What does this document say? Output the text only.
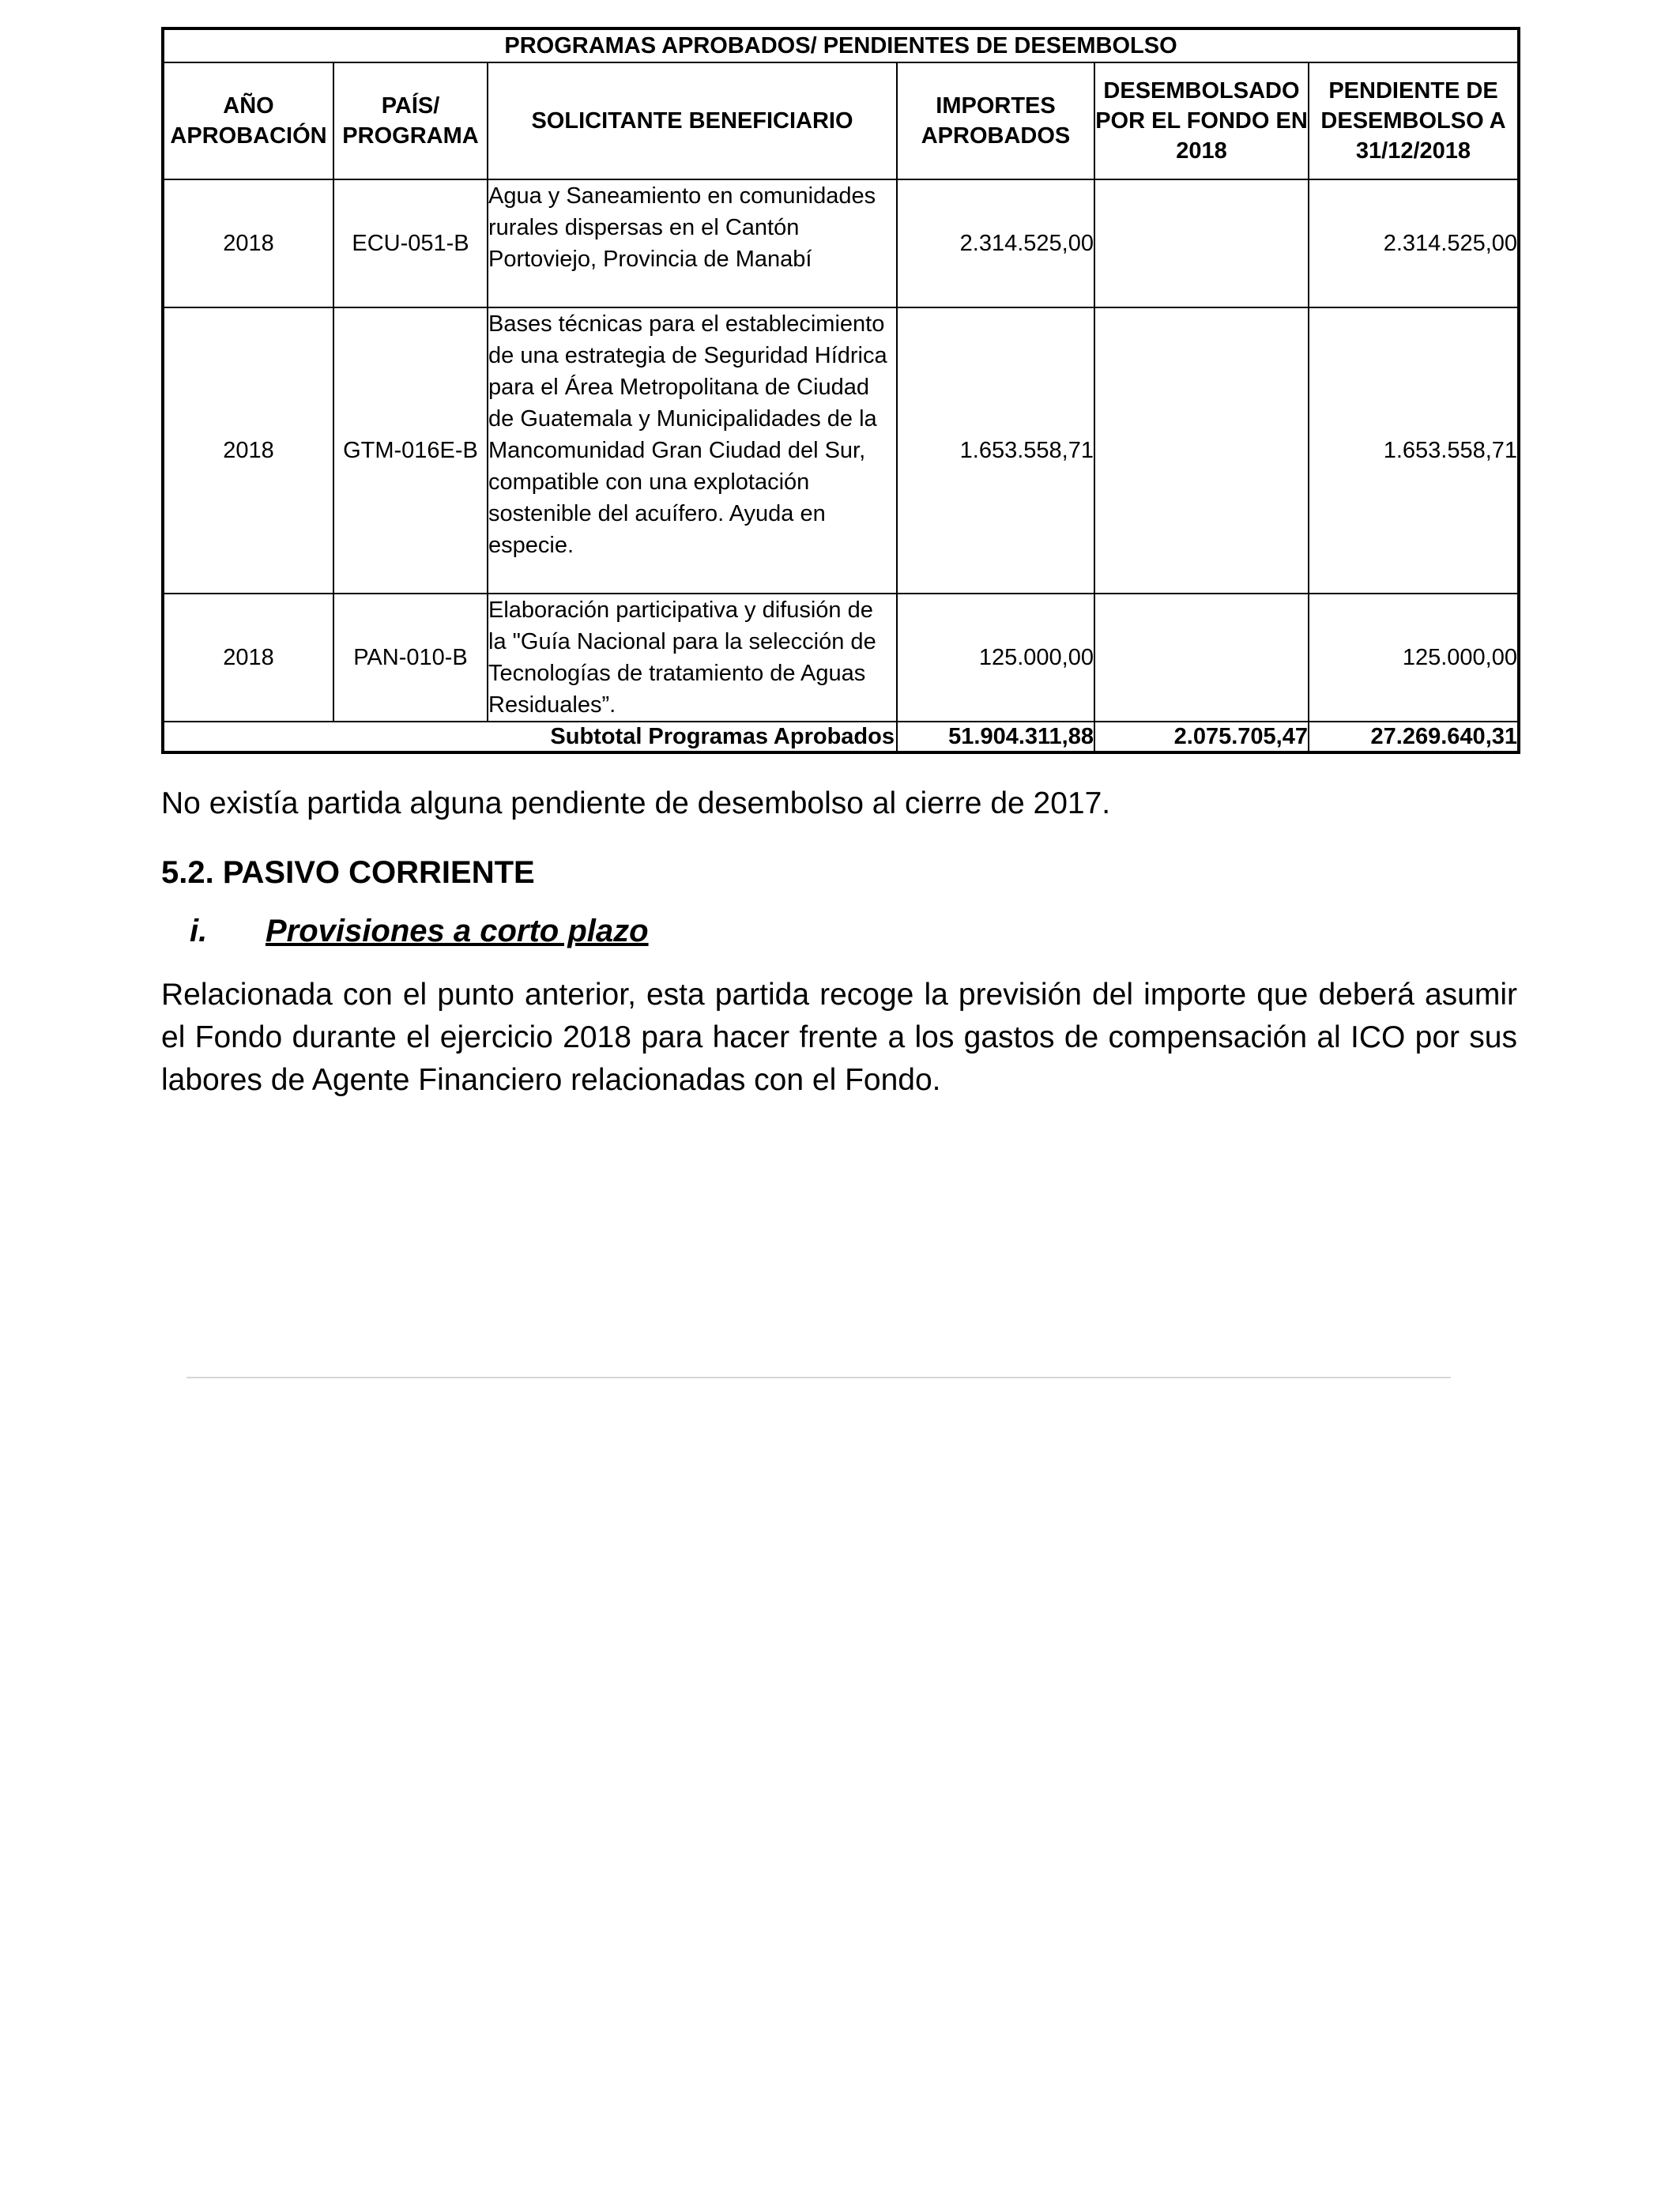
PROGRAMAS APROBADOS/ PENDIENTES DE DESEMBOLSO					
AÑO APROBACIÓN	PAÍS/ PROGRAMA	SOLICITANTE BENEFICIARIO	IMPORTES APROBADOS	DESEMBOLSADO POR EL FONDO EN 2018	PENDIENTE DE DESEMBOLSO A 31/12/2018
2018	ECU-051-B	Agua y Saneamiento en comunidades rurales dispersas en el Cantón Portoviejo, Provincia de Manabí	2.314.525,00		2.314.525,00
2018	GTM-016E-B	Bases técnicas para el establecimiento de una estrategia de Seguridad Hídrica para el Área Metropolitana de Ciudad de Guatemala y Municipalidades de la Mancomunidad Gran Ciudad del Sur, compatible con una explotación sostenible del acuífero. Ayuda en especie.	1.653.558,71		1.653.558,71
2018	PAN-010-B	Elaboración participativa y difusión de la "Guía Nacional para la selección de Tecnologías de tratamiento de Aguas Residuales”.	125.000,00		125.000,00
Subtotal Programas Aprobados			51.904.311,88	2.075.705,47	27.269.640,31

No existía partida alguna pendiente de desembolso al cierre de 2017.

5.2. PASIVO CORRIENTE
i. Provisiones a corto plazo

Relacionada con el punto anterior, esta partida recoge la previsión del importe que deberá asumir el Fondo durante el ejercicio 2018 para hacer frente a los gastos de compensación al ICO por sus labores de Agente Financiero relacionadas con el Fondo.
